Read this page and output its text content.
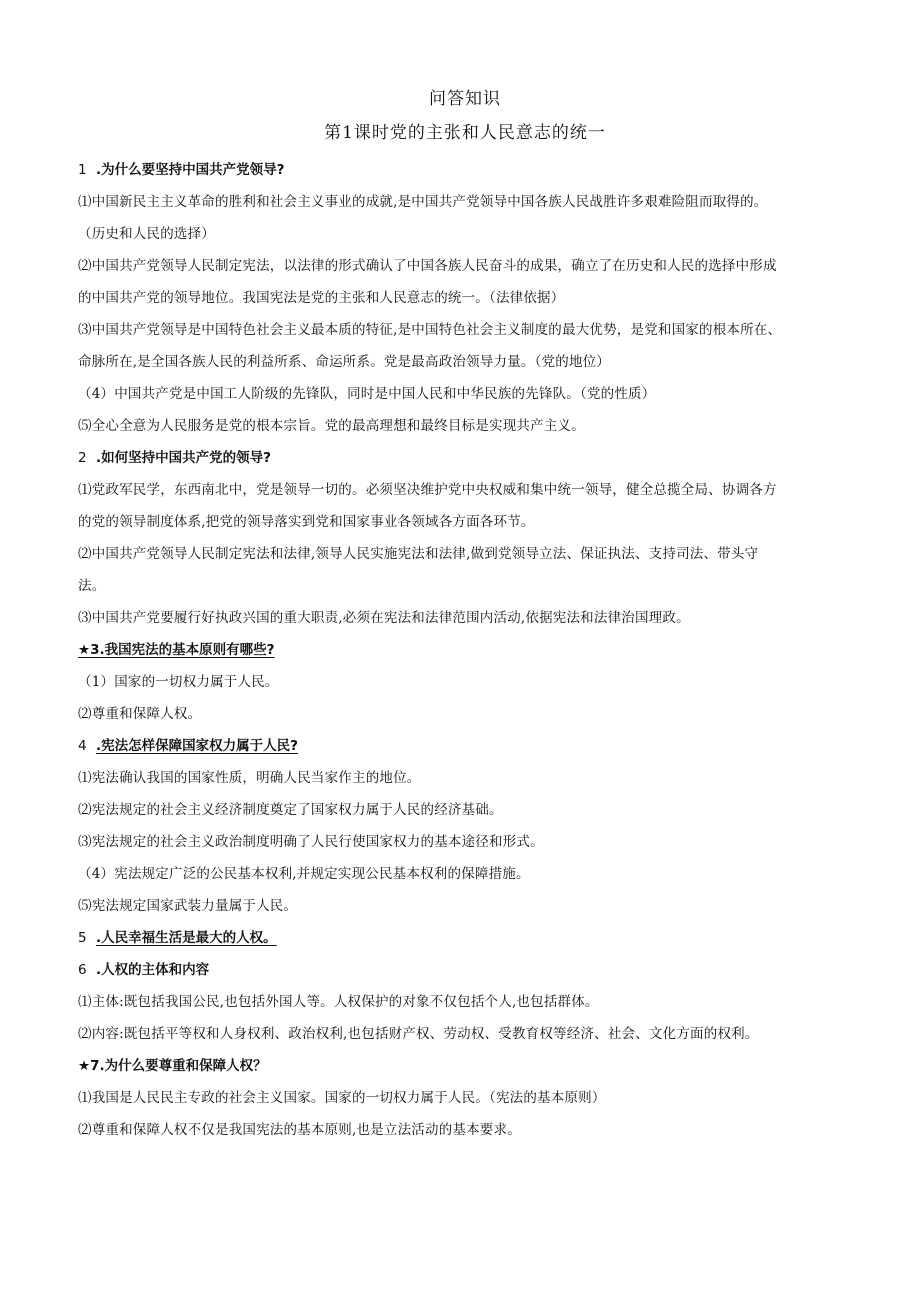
问答知识
第1课时党的主张和人民意志的统一
1 .为什么要坚持中国共产党领导?
⑴中国新民主主义革命的胜利和社会主义事业的成就,是中国共产党领导中国各族人民战胜许多艰难险阻而取得的。
（历史和人民的选择）
⑵中国共产党领导人民制定宪法，以法律的形式确认了中国各族人民奋斗的成果，确立了在历史和人民的选择中形成
的中国共产党的领导地位。我国宪法是党的主张和人民意志的统一。（法律依据）
⑶中国共产党领导是中国特色社会主义最本质的特征,是中国特色社会主义制度的最大优势，是党和国家的根本所在、
命脉所在,是全国各族人民的利益所系、命运所系。党是最高政治领导力量。（党的地位）
（4）中国共产党是中国工人阶级的先锋队，同时是中国人民和中华民族的先锋队。（党的性质）
⑸全心全意为人民服务是党的根本宗旨。党的最高理想和最终目标是实现共产主义。
2 .如何坚持中国共产党的领导?
⑴党政军民学，东西南北中，党是领导一切的。必须坚决维护党中央权威和集中统一领导，健全总揽全局、协调各方
的党的领导制度体系,把党的领导落实到党和国家事业各领域各方面各环节。
⑵中国共产党领导人民制定宪法和法律,领导人民实施宪法和法律,做到党领导立法、保证执法、支持司法、带头守
法。
⑶中国共产党要履行好执政兴国的重大职责,必须在宪法和法律范围内活动,依据宪法和法律治国理政。
★3.我国宪法的基本原则有哪些?
（1）国家的一切权力属于人民。
⑵尊重和保障人权。
4 .宪法怎样保障国家权力属于人民?
⑴宪法确认我国的国家性质，明确人民当家作主的地位。
⑵宪法规定的社会主义经济制度奠定了国家权力属于人民的经济基础。
⑶宪法规定的社会主义政治制度明确了人民行使国家权力的基本途径和形式。
（4）宪法规定广泛的公民基本权利,并规定实现公民基本权利的保障措施。
⑸宪法规定国家武装力量属于人民。
5 .人民幸福生活是最大的人权。
6 .人权的主体和内容
⑴主体:既包括我国公民,也包括外国人等。人权保护的对象不仅包括个人,也包括群体。
⑵内容:既包括平等权和人身权利、政治权利,也包括财产权、劳动权、受教育权等经济、社会、文化方面的权利。
★7.为什么要尊重和保障人权？
⑴我国是人民民主专政的社会主义国家。国家的一切权力属于人民。（宪法的基本原则）
⑵尊重和保障人权不仅是我国宪法的基本原则,也是立法活动的基本要求。
